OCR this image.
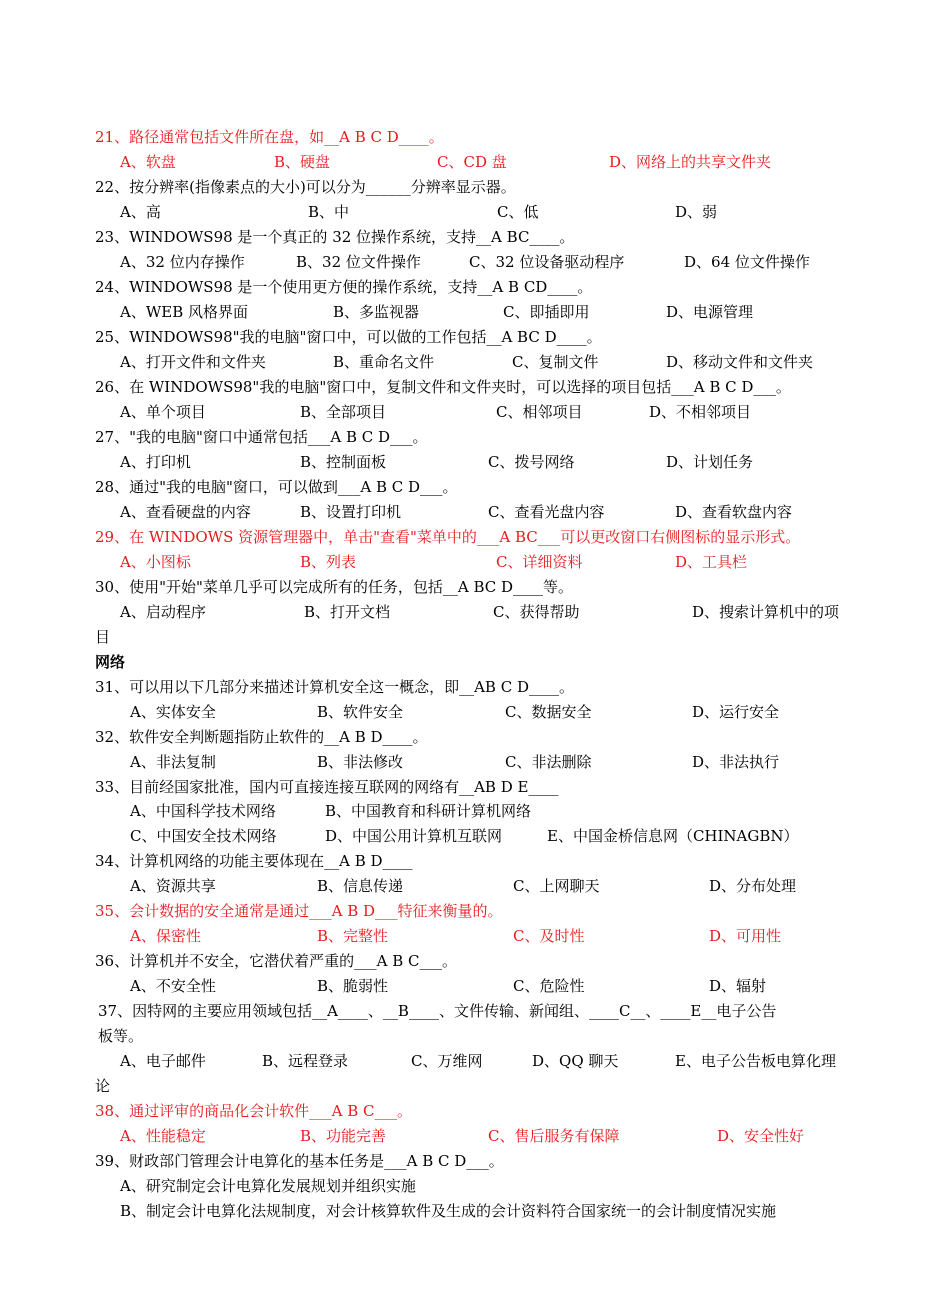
21、路径通常包括文件所在盘，如__A B C D____。
A、软盘	B、硬盘	C、CD 盘	D、网络上的共享文件夹
22、按分辨率(指像素点的大小)可以分为______分辨率显示器。
A、高	B、中	C、低	D、弱
23、WINDOWS98 是一个真正的 32 位操作系统，支持__A BC____。
A、32 位内存操作	B、32 位文件操作	C、32 位设备驱动程序	D、64 位文件操作
24、WINDOWS98 是一个使用更方便的操作系统，支持__A B CD____。
A、WEB 风格界面	B、多监视器	C、即插即用	D、电源管理
25、WINDOWS98"我的电脑"窗口中，可以做的工作包括__A BC D____。
A、打开文件和文件夹	B、重命名文件	C、复制文件	D、移动文件和文件夹
26、在 WINDOWS98"我的电脑"窗口中，复制文件和文件夹时，可以选择的项目包括___A B C D___。
A、单个项目	B、全部项目	C、相邻项目	D、不相邻项目
27、"我的电脑"窗口中通常包括___A B C D___。
A、打印机	B、控制面板	C、拨号网络	D、计划任务
28、通过"我的电脑"窗口，可以做到___A B C D___。
A、查看硬盘的内容	B、设置打印机	C、查看光盘内容	D、查看软盘内容
29、在 WINDOWS 资源管理器中，单击"查看"菜单中的___A BC___可以更改窗口右侧图标的显示形式。
A、小图标	B、列表	C、详细资料	D、工具栏
30、使用"开始"菜单几乎可以完成所有的任务，包括__A BC D____等。
A、启动程序	B、打开文档	C、获得帮助	D、搜索计算机中的项
目
网络
31、可以用以下几部分来描述计算机安全这一概念，即__AB C D____。
A、实体安全	B、软件安全	C、数据安全	D、运行安全
32、软件安全判断题指防止软件的__A B D____。
A、非法复制	B、非法修改	C、非法删除	D、非法执行
33、目前经国家批准，国内可直接连接互联网的网络有__AB D E____
A、中国科学技术网络	B、中国教育和科研计算机网络
C、中国安全技术网络	D、中国公用计算机互联网	E、中国金桥信息网（CHINAGBN）
34、计算机网络的功能主要体现在__A B D____
A、资源共享	B、信息传递	C、上网聊天	D、分布处理
35、会计数据的安全通常是通过___A B D___特征来衡量的。
A、保密性	B、完整性	C、及时性	D、可用性
36、计算机并不安全，它潜伏着严重的___A B C___。
A、不安全性	B、脆弱性	C、危险性	D、辐射
37、因特网的主要应用领域包括__A____、__B____、文件传输、新闻组、____C__、____E__电子公告
板等。
A、电子邮件	B、远程登录	C、万维网	D、QQ 聊天	E、电子公告板电算化理
论
38、通过评审的商品化会计软件___A B C___。
A、性能稳定	B、功能完善	C、售后服务有保障	D、安全性好
39、财政部门管理会计电算化的基本任务是___A B C D___。
A、研究制定会计电算化发展规划并组织实施
B、制定会计电算化法规制度，对会计核算软件及生成的会计资料符合国家统一的会计制度情况实施
